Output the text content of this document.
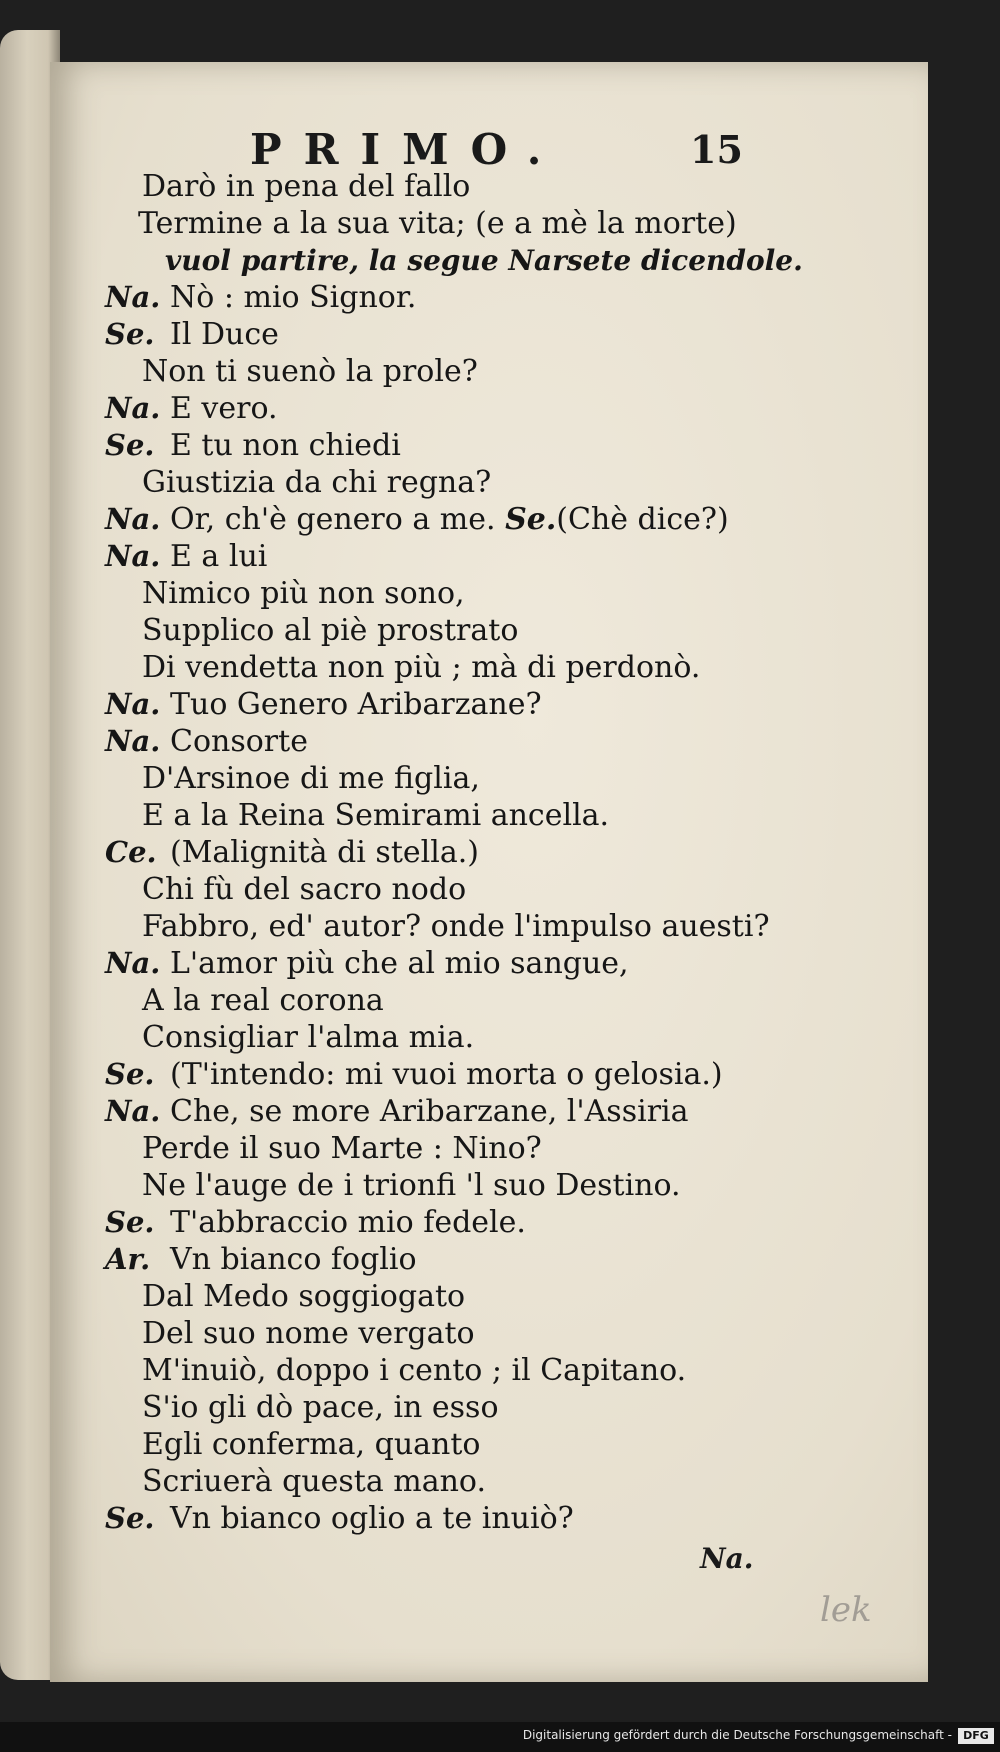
PRIMO.	15
Darò in pena del fallo
Termine a la sua vita; (e a mè la morte)
vuol partire, la segue Narsete dicendole.
Na. Nò : mio Signor.
Se. Il Duce
Non ti suenò la prole?
Na. E vero.
Se. E tu non chiedi
Giustizia da chi regna?
Na. Or, ch'è genero a me. Se.(Chè dice?)
Na. E a lui
Nimico più non sono,
Supplico al piè prostrato
Di vendetta non più ; mà di perdonò.
Na. Tuo Genero Aribarzane?
Na. Consorte
D'Arsinoe di me figlia,
E a la Reina Semirami ancella.
Ce. (Malignità di stella.)
Chi fù del sacro nodo
Fabbro, ed' autor? onde l'impulso auesti?
Na. L'amor più che al mio sangue,
A la real corona
Consigliar l'alma mia.
Se. (T'intendo: mi vuoi morta o gelosia.)
Na. Che, se more Aribarzane, l'Assiria
Perde il suo Marte : Nino?
Ne l'auge de i trionfi 'l suo Destino.
Se. T'abbraccio mio fedele.
Ar. Vn bianco foglio
Dal Medo soggiogato
Del suo nome vergato
M'inuiò, doppo i cento ; il Capitano.
S'io gli dò pace, in esso
Egli conferma, quanto
Scriuerà questa mano.
Se. Vn bianco oglio a te inuiò?
Na.
lek
Digitalisierung gefördert durch die Deutsche Forschungsgemeinschaft -	DFG
